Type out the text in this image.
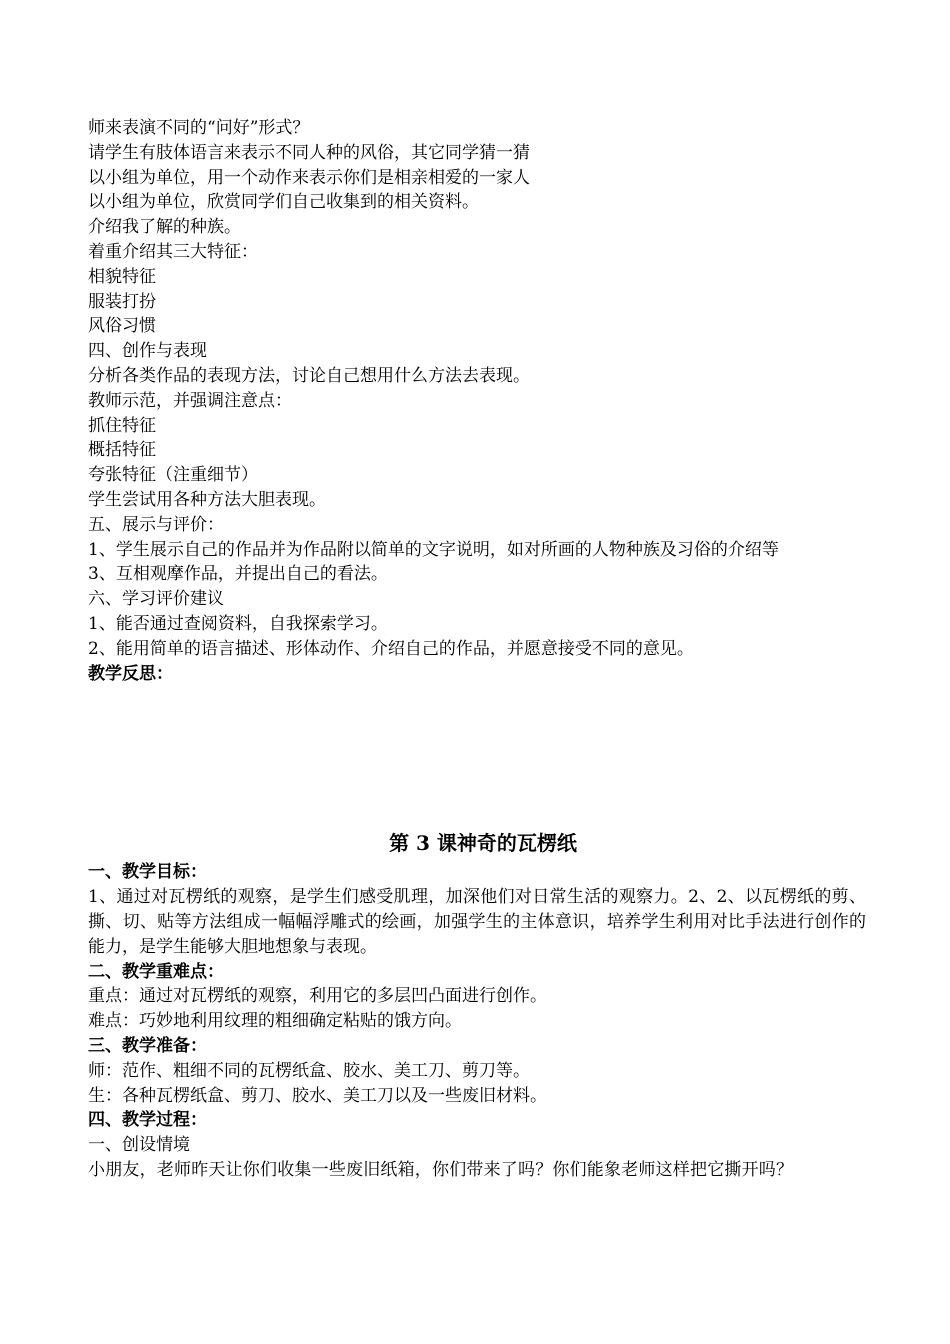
师来表演不同的“问好”形式？

请学生有肢体语言来表示不同人种的风俗，其它同学猜一猜

以小组为单位，用一个动作来表示你们是相亲相爱的一家人

以小组为单位，欣赏同学们自己收集到的相关资料。

介绍我了解的种族。

着重介绍其三大特征：

相貌特征

服装打扮

风俗习惯

四、创作与表现

分析各类作品的表现方法，讨论自己想用什么方法去表现。

教师示范，并强调注意点：

抓住特征

概括特征

夸张特征（注重细节）

学生尝试用各种方法大胆表现。

五、展示与评价：

1、学生展示自己的作品并为作品附以简单的文字说明，如对所画的人物种族及习俗的介绍等

3、互相观摩作品，并提出自己的看法。

六、学习评价建议

1、能否通过查阅资料，自我探索学习。

2、能用简单的语言描述、形体动作、介绍自己的作品，并愿意接受不同的意见。

教学反思：

第 3 课神奇的瓦楞纸

一、教学目标：

1、通过对瓦楞纸的观察，是学生们感受肌理，加深他们对日常生活的观察力。2、2、以瓦楞纸的剪、撕、切、贴等方法组成一幅幅浮雕式的绘画，加强学生的主体意识，培养学生利用对比手法进行创作的能力，是学生能够大胆地想象与表现。

二、教学重难点：

重点：通过对瓦楞纸的观察，利用它的多层凹凸面进行创作。

难点：巧妙地利用纹理的粗细确定粘贴的饿方向。

三、教学准备：

师：范作、粗细不同的瓦楞纸盒、胶水、美工刀、剪刀等。

生：各种瓦楞纸盒、剪刀、胶水、美工刀以及一些废旧材料。

四、教学过程：

一、创设情境

小朋友，老师昨天让你们收集一些废旧纸箱，你们带来了吗？你们能象老师这样把它撕开吗？
